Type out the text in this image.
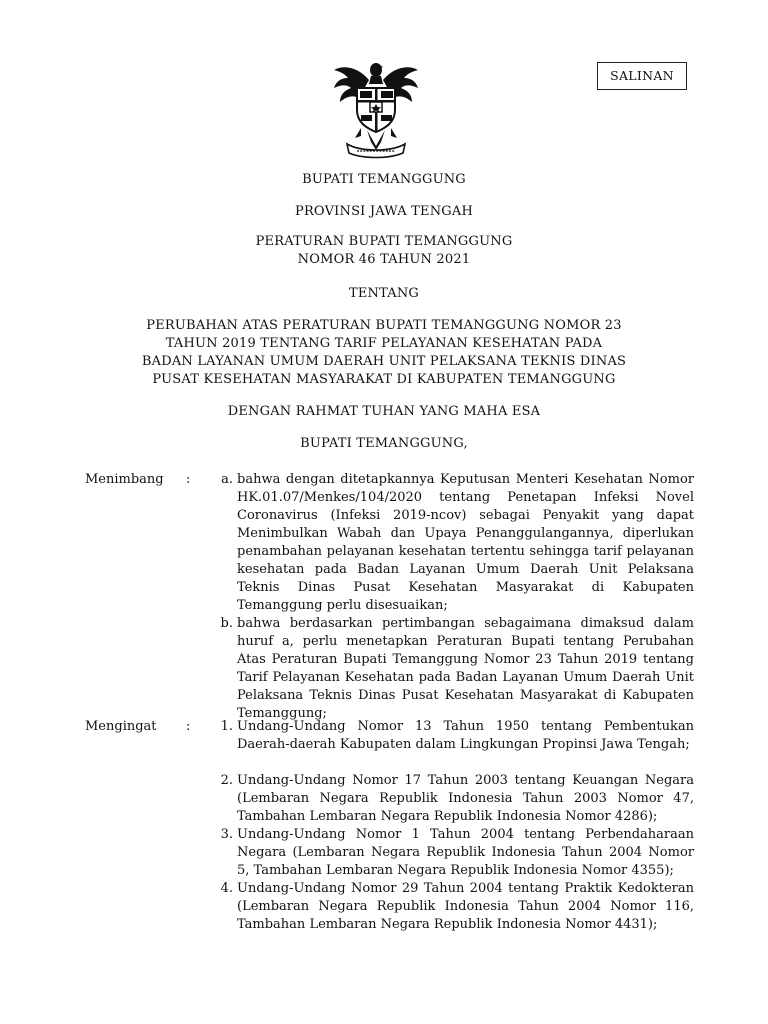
SALINAN
BUPATI TEMANGGUNG
PROVINSI JAWA TENGAH
PERATURAN BUPATI TEMANGGUNG
NOMOR 46 TAHUN 2021
TENTANG
PERUBAHAN ATAS PERATURAN BUPATI TEMANGGUNG NOMOR 23
TAHUN 2019 TENTANG TARIF PELAYANAN KESEHATAN PADA
BADAN LAYANAN UMUM DAERAH UNIT PELAKSANA TEKNIS DINAS
PUSAT KESEHATAN MASYARAKAT DI KABUPATEN TEMANGGUNG
DENGAN RAHMAT TUHAN YANG MAHA ESA
BUPATI TEMANGGUNG,
Menimbang :	a. bahwa dengan ditetapkannya Keputusan Menteri Kesehatan Nomor HK.01.07/Menkes/104/2020 tentang Penetapan Infeksi Novel Coronavirus (Infeksi 2019-ncov) sebagai Penyakit yang dapat Menimbulkan Wabah dan Upaya Penanggulangannya, diperlukan penambahan pelayanan kesehatan tertentu sehingga tarif pelayanan kesehatan pada Badan Layanan Umum Daerah Unit Pelaksana Teknis Dinas Pusat Kesehatan Masyarakat di Kabupaten Temanggung perlu disesuaikan;
b. bahwa berdasarkan pertimbangan sebagaimana dimaksud dalam huruf a, perlu menetapkan Peraturan Bupati tentang Perubahan Atas Peraturan Bupati Temanggung Nomor 23 Tahun 2019 tentang Tarif Pelayanan Kesehatan pada Badan Layanan Umum Daerah Unit Pelaksana Teknis Dinas Pusat Kesehatan Masyarakat di Kabupaten Temanggung;
Mengingat :	1. Undang-Undang Nomor 13 Tahun 1950 tentang Pembentukan Daerah-daerah Kabupaten dalam Lingkungan Propinsi Jawa Tengah;
2. Undang-Undang Nomor 17 Tahun 2003 tentang Keuangan Negara (Lembaran Negara Republik Indonesia Tahun 2003 Nomor 47, Tambahan Lembaran Negara Republik Indonesia Nomor 4286);
3. Undang-Undang Nomor 1 Tahun 2004 tentang Perbendaharaan Negara (Lembaran Negara Republik Indonesia Tahun 2004 Nomor 5, Tambahan Lembaran Negara Republik Indonesia Nomor 4355);
4. Undang-Undang Nomor 29 Tahun 2004 tentang Praktik Kedokteran (Lembaran Negara Republik Indonesia Tahun 2004 Nomor 116, Tambahan Lembaran Negara Republik Indonesia Nomor 4431);
